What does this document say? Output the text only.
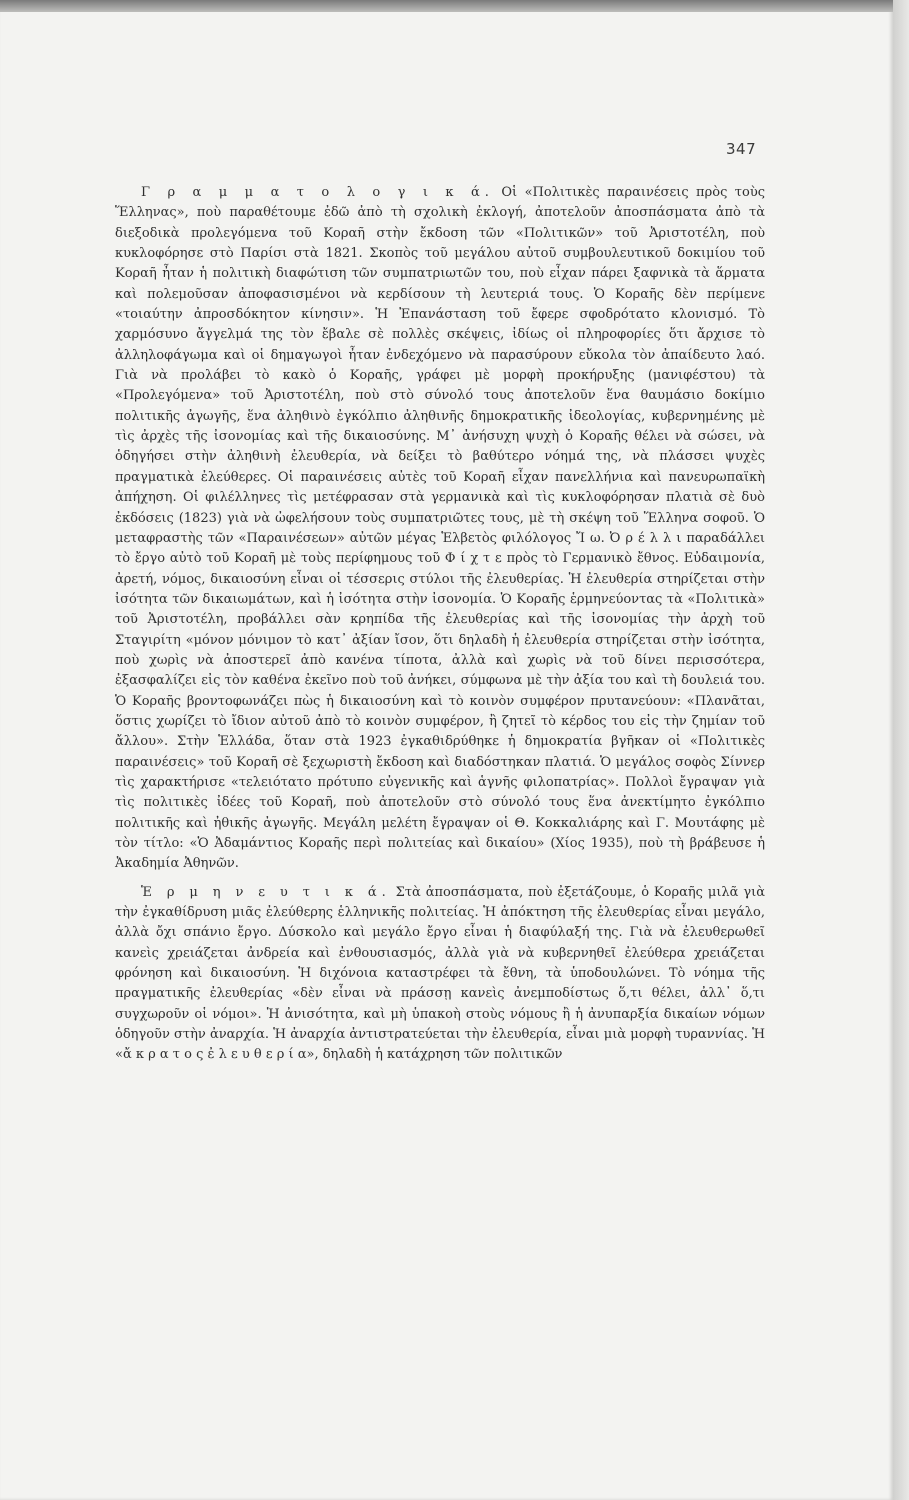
347

Γ ρ α μ μ α τ ο λ ο γ ι κ ά. Οἱ «Πολιτικὲς παραινέσεις πρὸς τοὺς Ἕλληνας», ποὺ παραθέτουμε ἐδῶ ἀπὸ τὴ σχολικὴ ἐκλογή, ἀποτελοῦν ἀποσπάσματα ἀπὸ τὰ διεξοδικὰ προλεγόμενα τοῦ Κοραῆ στὴν ἔκδοση τῶν «Πολιτικῶν» τοῦ Ἀριστοτέλη, ποὺ κυκλοφόρησε στὸ Παρίσι στὰ 1821. Σκοπὸς τοῦ μεγάλου αὐτοῦ συμβουλευτικοῦ δοκιμίου τοῦ Κοραῆ ἦταν ἡ πολιτικὴ διαφώτιση τῶν συμπατριωτῶν του, ποὺ εἶχαν πάρει ξαφνικὰ τὰ ἅρματα καὶ πολεμοῦσαν ἀποφασισμένοι νὰ κερδίσουν τὴ λευτεριά τους. Ὁ Κοραῆς δὲν περίμενε «τοιαύτην ἀπροσδόκητον κίνησιν». Ἡ Ἐπανάσταση τοῦ ἔφερε σφοδρότατο κλονισμό. Τὸ χαρμόσυνο ἄγγελμά της τὸν ἔβαλε σὲ πολλὲς σκέψεις, ἰδίως οἱ πληροφορίες ὅτι ἄρχισε τὸ ἀλληλοφάγωμα καὶ οἱ δημαγωγοὶ ἦταν ἐνδεχόμενο νὰ παρασύρουν εὔκολα τὸν ἀπαίδευτο λαό. Γιὰ νὰ προλάβει τὸ κακὸ ὁ Κοραῆς, γράφει μὲ μορφὴ προκήρυξης (μανιφέστου) τὰ «Προλεγόμενα» τοῦ Ἀριστοτέλη, ποὺ στὸ σύνολό τους ἀποτελοῦν ἕνα θαυμάσιο δοκίμιο πολιτικῆς ἀγωγῆς, ἕνα ἀληθινὸ ἐγκόλπιο ἀληθινῆς δημοκρατικῆς ἰδεολογίας, κυβερνημένης μὲ τὶς ἀρχὲς τῆς ἰσονομίας καὶ τῆς δικαιοσύνης. Μ᾽ ἀνήσυχη ψυχὴ ὁ Κοραῆς θέλει νὰ σώσει, νὰ ὁδηγήσει στὴν ἀληθινὴ ἐλευθερία, νὰ δείξει τὸ βαθύτερο νόημά της, νὰ πλάσσει ψυχὲς πραγματικὰ ἐλεύθερες. Οἱ παραινέσεις αὐτὲς τοῦ Κοραῆ εἶχαν πανελλήνια καὶ πανευρωπαϊκὴ ἀπήχηση. Οἱ φιλέλληνες τὶς μετέφρασαν στὰ γερμανικὰ καὶ τὶς κυκλοφόρησαν πλατιὰ σὲ δυὸ ἐκδόσεις (1823) γιὰ νὰ ὠφελήσουν τοὺς συμπατριῶτες τους, μὲ τὴ σκέψη τοῦ Ἕλληνα σοφοῦ. Ὁ μεταφραστὴς τῶν «Παραινέσεων» αὐτῶν μέγας Ἑλβετὸς φιλόλογος Ἴ ω. Ὀ ρ έ λ λ ι παραδάλλει τὸ ἔργο αὐτὸ τοῦ Κοραῆ μὲ τοὺς περίφημους τοῦ Φ ί χ τ ε πρὸς τὸ Γερμανικὸ ἔθνος. Εὐδαιμονία, ἀρετή, νόμος, δικαιοσύνη εἶναι οἱ τέσσερις στύλοι τῆς ἐλευθερίας. Ἡ ἐλευθερία στηρίζεται στὴν ἰσότητα τῶν δικαιωμάτων, καὶ ἡ ἰσότητα στὴν ἰσονομία. Ὁ Κοραῆς ἑρμηνεύοντας τὰ «Πολιτικὰ» τοῦ Ἀριστοτέλη, προβάλλει σὰν κρηπίδα τῆς ἐλευθερίας καὶ τῆς ἰσονομίας τὴν ἀρχὴ τοῦ Σταγιρίτη «μόνον μόνιμον τὸ κατ᾽ ἀξίαν ἴσον, ὅτι δηλαδὴ ἡ ἐλευθερία στηρίζεται στὴν ἰσότητα, ποὺ χωρὶς νὰ ἀποστερεῖ ἀπὸ κανένα τίποτα, ἀλλὰ καὶ χωρὶς νὰ τοῦ δίνει περισσότερα, ἐξασφαλίζει εἰς τὸν καθένα ἐκεῖνο ποὺ τοῦ ἀνήκει, σύμφωνα μὲ τὴν ἀξία του καὶ τὴ δουλειά του. Ὁ Κοραῆς βροντοφωνάζει πὼς ἡ δικαιοσύνη καὶ τὸ κοινὸν συμφέρον πρυτανεύουν: «Πλανᾶται, ὅστις χωρίζει τὸ ἴδιον αὐτοῦ ἀπὸ τὸ κοινὸν συμφέρον, ἢ ζητεῖ τὸ κέρδος του εἰς τὴν ζημίαν τοῦ ἄλλου». Στὴν Ἑλλάδα, ὅταν στὰ 1923 ἐγκαθιδρύθηκε ἡ δημοκρατία βγῆκαν οἱ «Πολιτικὲς παραινέσεις» τοῦ Κοραῆ σὲ ξεχωριστὴ ἔκδοση καὶ διαδόστηκαν πλατιά. Ὁ μεγάλος σοφὸς Σίννερ τὶς χαρακτήρισε «τελειότατο πρότυπο εὐγενικῆς καὶ ἁγνῆς φιλοπατρίας». Πολλοὶ ἔγραψαν γιὰ τὶς πολιτικὲς ἰδέες τοῦ Κοραῆ, ποὺ ἀποτελοῦν στὸ σύνολό τους ἕνα ἀνεκτίμητο ἐγκόλπιο πολιτικῆς καὶ ἠθικῆς ἀγωγῆς. Μεγάλη μελέτη ἔγραψαν οἱ Θ. Κοκκαλιάρης καὶ Γ. Μουτάφης μὲ τὸν τίτλο: «Ὁ Ἀδαμάντιος Κοραῆς περὶ πολιτείας καὶ δικαίου» (Χίος 1935), ποὺ τὴ βράβευσε ἡ Ἀκαδημία Ἀθηνῶν.

Ἑ ρ μ η ν ε υ τ ι κ ά. Στὰ ἀποσπάσματα, ποὺ ἐξετάζουμε, ὁ Κοραῆς μιλᾶ γιὰ τὴν ἐγκαθίδρυση μιᾶς ἐλεύθερης ἑλληνικῆς πολιτείας. Ἡ ἀπόκτηση τῆς ἐλευθερίας εἶναι μεγάλο, ἀλλὰ ὄχι σπάνιο ἔργο. Δύσκολο καὶ μεγάλο ἔργο εἶναι ἡ διαφύλαξή της. Γιὰ νὰ ἐλευθερωθεῖ κανεὶς χρειάζεται ἀνδρεία καὶ ἐνθουσιασμός, ἀλλὰ γιὰ νὰ κυβερνηθεῖ ἐλεύθερα χρειάζεται φρόνηση καὶ δικαιοσύνη. Ἡ διχόνοια καταστρέφει τὰ ἔθνη, τὰ ὑποδουλώνει. Τὸ νόημα τῆς πραγματικῆς ἐλευθερίας «δὲν εἶναι νὰ πράσσῃ κανεὶς ἀνεμποδίστως ὅ,τι θέλει, ἀλλ᾽ ὅ,τι συγχωροῦν οἱ νόμοι». Ἡ ἀνισότητα, καὶ μὴ ὑπακοὴ στοὺς νόμους ἢ ἡ ἀνυπαρξία δικαίων νόμων ὁδηγοῦν στὴν ἀναρχία. Ἡ ἀναρχία ἀντιστρατεύεται τὴν ἐλευθερία, εἶναι μιὰ μορφὴ τυραννίας. Ἡ «ἄ κ ρ α τ ο ς ἐ λ ε υ θ ε ρ ί α», δηλαδὴ ἡ κατάχρηση τῶν πολιτικῶν
